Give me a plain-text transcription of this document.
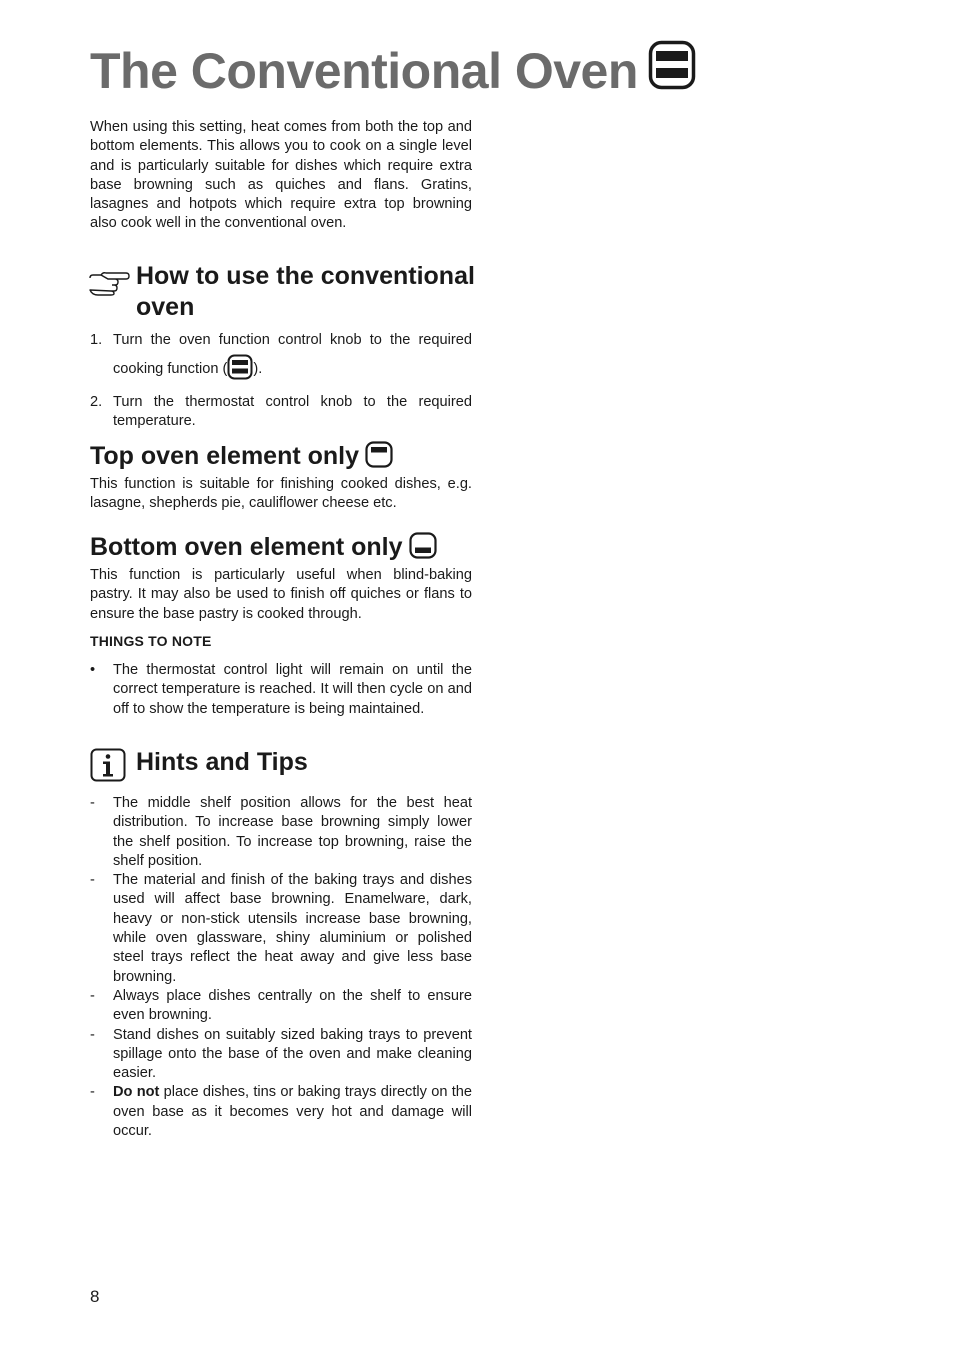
The Conventional Oven
When using this setting, heat comes from both the top and bottom elements. This allows you to cook on a single level and is particularly suitable for dishes which require extra base browning such as quiches and flans. Gratins, lasagnes and hotpots which require extra top browning also cook well in the conventional oven.
How to use the conventional oven
1. Turn the oven function control knob to the required cooking function ( ).
2. Turn the thermostat control knob to the required temperature.
Top oven element only
This function is suitable for finishing cooked dishes, e.g. lasagne, shepherds pie, cauliflower cheese etc.
Bottom oven element only
This function is particularly useful when blind-baking pastry. It may also be used to finish off quiches or flans to ensure the base pastry is cooked through.
THINGS TO NOTE
• The thermostat control light will remain on until the correct temperature is reached. It will then cycle on and off to show the temperature is being maintained.
Hints and Tips
- The middle shelf position allows for the best heat distribution. To increase base browning simply lower the shelf position. To increase top browning, raise the shelf position.
- The material and finish of the baking trays and dishes used will affect base browning. Enamelware, dark, heavy or non-stick utensils increase base browning, while oven glassware, shiny aluminium or polished steel trays reflect the heat away and give less base browning.
- Always place dishes centrally on the shelf to ensure even browning.
- Stand dishes on suitably sized baking trays to prevent spillage onto the base of the oven and make cleaning easier.
- Do not place dishes, tins or baking trays directly on the oven base as it becomes very hot and damage will occur.
8
